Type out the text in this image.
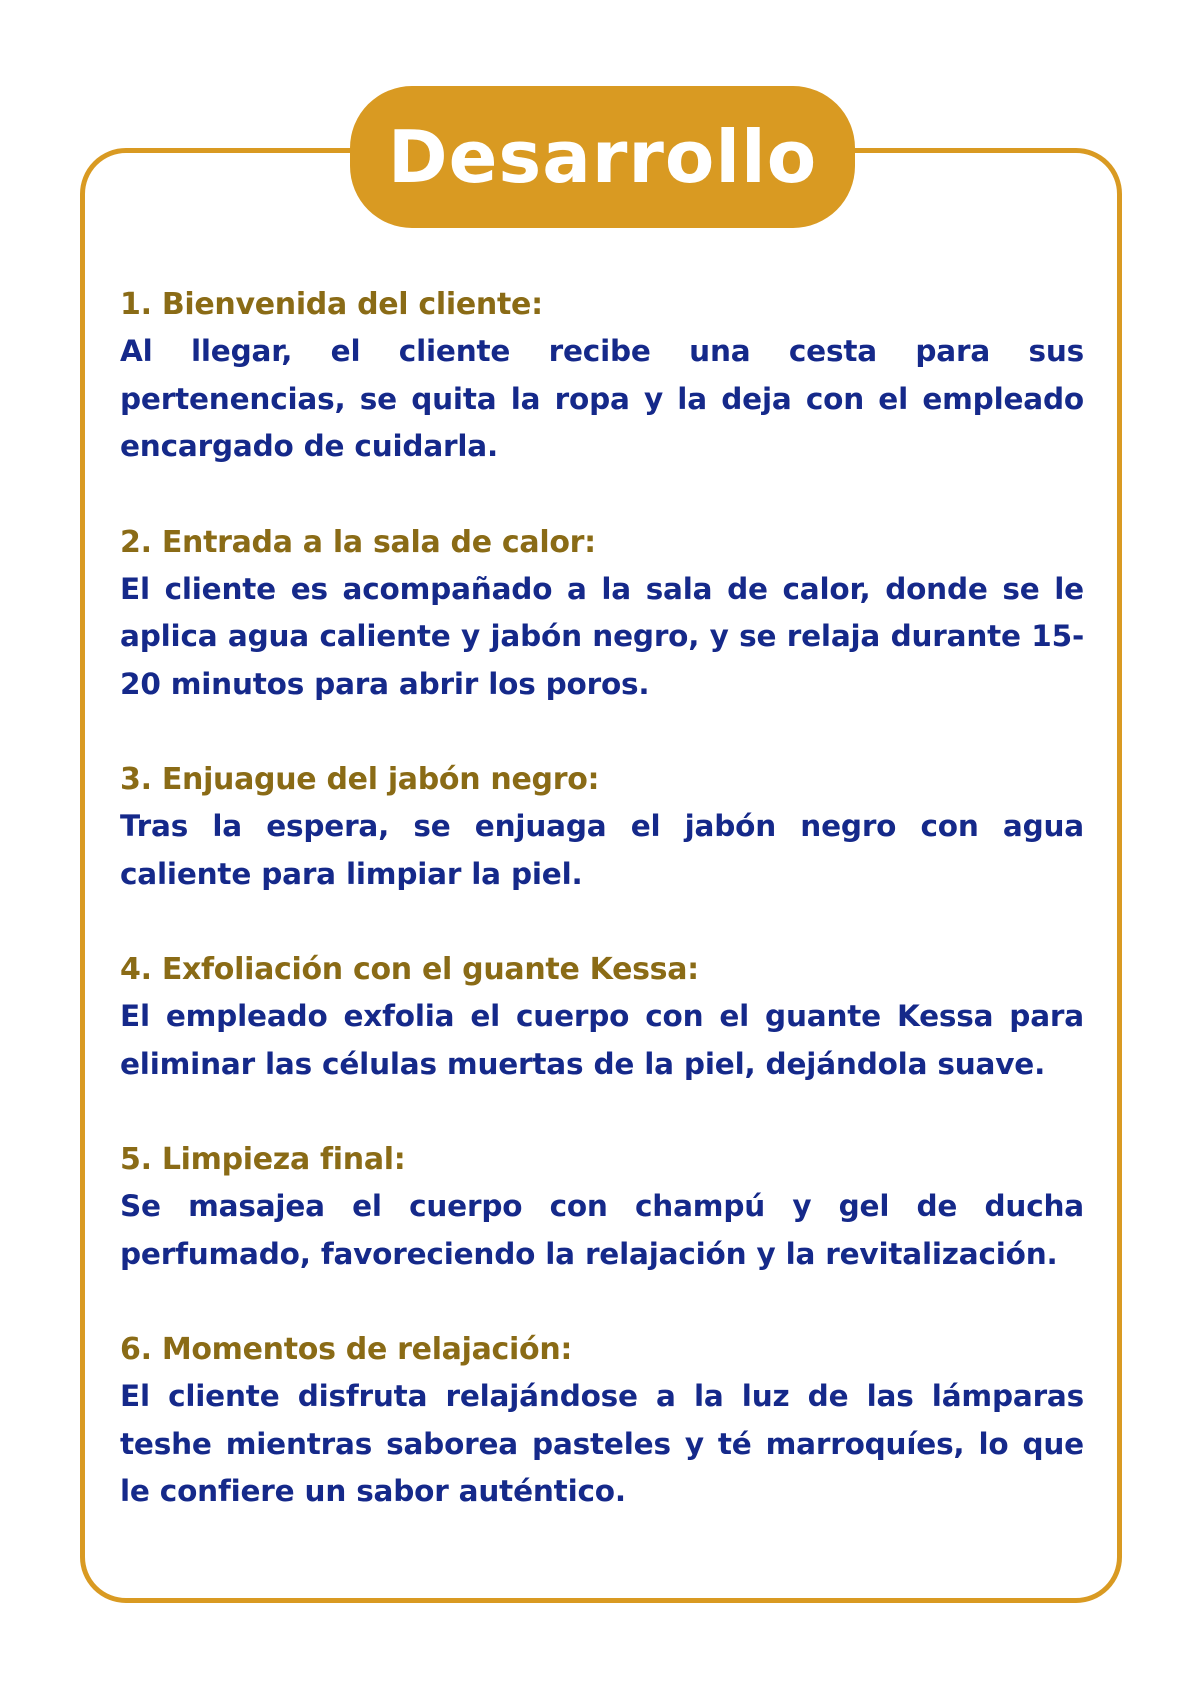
Desarrollo
1. Bienvenida del cliente:
Al llegar, el cliente recibe una cesta para sus pertenencias, se quita la ropa y la deja con el empleado encargado de cuidarla.
2. Entrada a la sala de calor:
El cliente es acompañado a la sala de calor, donde se le aplica agua caliente y jabón negro, y se relaja durante 15-20 minutos para abrir los poros.
3. Enjuague del jabón negro:
Tras la espera, se enjuaga el jabón negro con agua caliente para limpiar la piel.
4. Exfoliación con el guante Kessa:
El empleado exfolia el cuerpo con el guante Kessa para eliminar las células muertas de la piel, dejándola suave.
5. Limpieza final:
Se masajea el cuerpo con champú y gel de ducha perfumado, favoreciendo la relajación y la revitalización.
6. Momentos de relajación:
El cliente disfruta relajándose a la luz de las lámparas teshe mientras saborea pasteles y té marroquíes, lo que le confiere un sabor auténtico.
